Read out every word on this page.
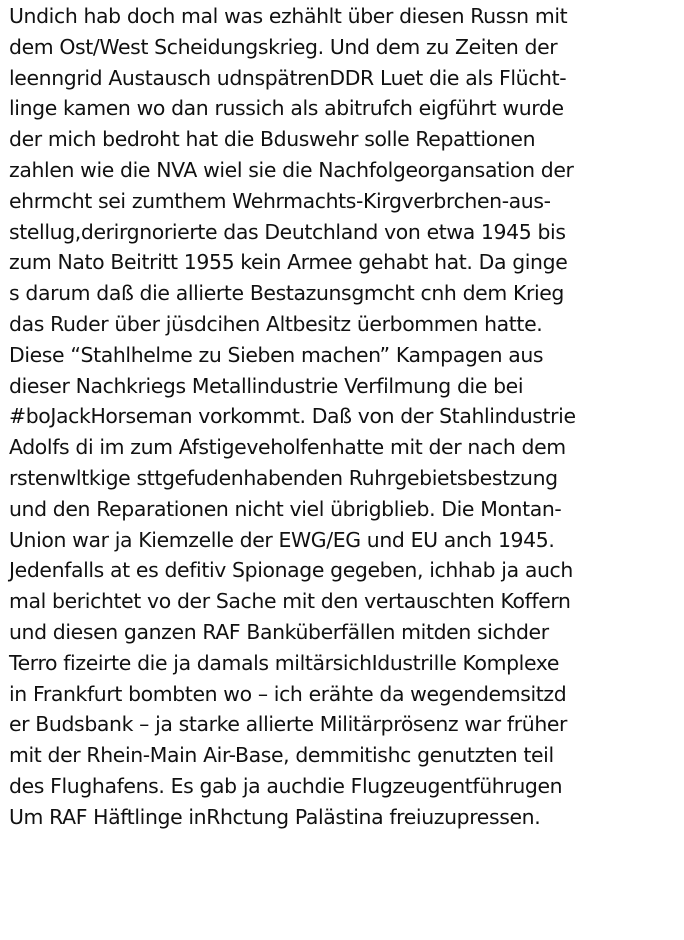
Undich hab doch mal was ezhählt über diesen Russn mit
dem Ost/West Scheidungskrieg. Und dem zu Zeiten der
leenngrid Austausch udnspätrenDDR Luet die als Flücht-
linge kamen wo dan russich als abitrufch eigführt wurde
der mich bedroht hat die Bduswehr solle Repattionen
zahlen wie die NVA wiel sie die Nachfolgeorgansation der
ehrmcht sei zumthem Wehrmachts-Kirgverbrchen-aus-
stellug,derirgnorierte das Deutchland von etwa 1945 bis
zum Nato Beitritt 1955 kein Armee gehabt hat. Da ginge
s darum daß die allierte Bestazunsgmcht cnh dem Krieg
das Ruder über jüsdcihen Altbesitz üerbommen hatte.
Diese “Stahlhelme zu Sieben machen” Kampagen aus
dieser Nachkriegs Metallindustrie Verfilmung die bei
#boJackHorseman vorkommt. Daß von der Stahlindustrie
Adolfs di im zum Afstigeveholfenhatte mit der nach dem
rstenwltkige sttgefudenhabenden Ruhrgebietsbestzung
und den Reparationen nicht viel übrigblieb. Die Montan-
Union war ja Kiemzelle der EWG/EG und EU anch 1945.
Jedenfalls at es defitiv Spionage gegeben, ichhab ja auch
mal berichtet vo der Sache mit den vertauschten Koffern
und diesen ganzen RAF Banküberfällen mitden sichder
Terro fizeirte die ja damals miltärsichIdustrille Komplexe
in Frankfurt bombten wo – ich erähte da wegendemsitzd
er Budsbank – ja starke allierte Militärprösenz war früher
mit der Rhein-Main Air-Base, demmitishc genutzten teil
des Flughafens. Es gab ja auchdie Flugzeugentführugen
Um RAF Häftlinge inRhctung Palästina freiuzupressen.
